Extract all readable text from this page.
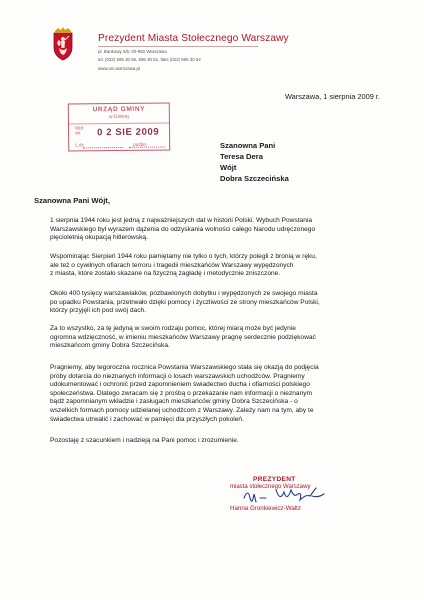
Prezydent Miasta Stołecznego Warszawy
pl. Bankowy 3/5, 00-950 Warszawa
tel. (022) 595 30 50, 595 30 51, faks (022) 595 30 52
www.um.warszawa.pl
Warszawa, 1 sierpnia 2009 r.
URZĄD GMINY
w Dobrej
Wpł.
dn. 0 2 SIE 2009
L.dz.	podpis	Szanowna Pani
Teresa Dera
Wójt
Dobra Szczecińska
Szanowna Pani Wójt,
1 sierpnia 1944 roku jest jedną z najważniejszych dat w historii Polski. Wybuch Powstania
Warszawskiego był wyrazem dążenia do odzyskania wolności całego Narodu udręczonego
pięcioletnią okupacją hitlerowską.
Wspominając Sierpień 1944 roku pamiętamy nie tylko o tych, którzy polegli z bronią w ręku,
ale też o cywilnych ofiarach terroru i tragedii mieszkańców Warszawy wypędzonych
z miasta, które zostało skazane na fizyczną zagładę i metodycznie zniszczone.
Około 400 tysięcy warszawiaków, pozbawionych dobytku i wypędzonych ze swojego miasta
po upadku Powstania, przetrwało dzięki pomocy i życzliwości ze strony mieszkańców Polski,
którzy przyjęli ich pod swój dach.
Za to wszystko, za tę jedyną w swoim rodzaju pomoc, której miarą może być jedynie
ogromna wdzięczność, w imieniu mieszkańców Warszawy pragnę serdecznie podziękować
mieszkańcom gminy Dobra Szczecińska.
Pragniemy, aby tegoroczna rocznica Powstania Warszawskiego stała się okazją do podjęcia
próby dotarcia do nieznanych informacji o losach warszawskich uchodźców. Pragniemy
udokumentować i ochronić przed zapomnieniem świadectwo ducha i ofiarności polskiego
społeczeństwa. Dlatego zwracam się z prośbą o przekazanie nam informacji o nieznanym
bądź zapomnianym wkładzie i zasługach mieszkańców gminy Dobra Szczecińska - o
wszelkich formach pomocy udzielanej uchodźcom z Warszawy. Zależy nam na tym, aby te
świadectwa utrwalić i zachować w pamięci dla przyszłych pokoleń.
Pozostaję z szacunkiem i nadzieją na Pani pomoc i zrozumienie.
PREZYDENT
miasta stołecznego Warszawy
Hanna Gronkiewicz-Waltz
